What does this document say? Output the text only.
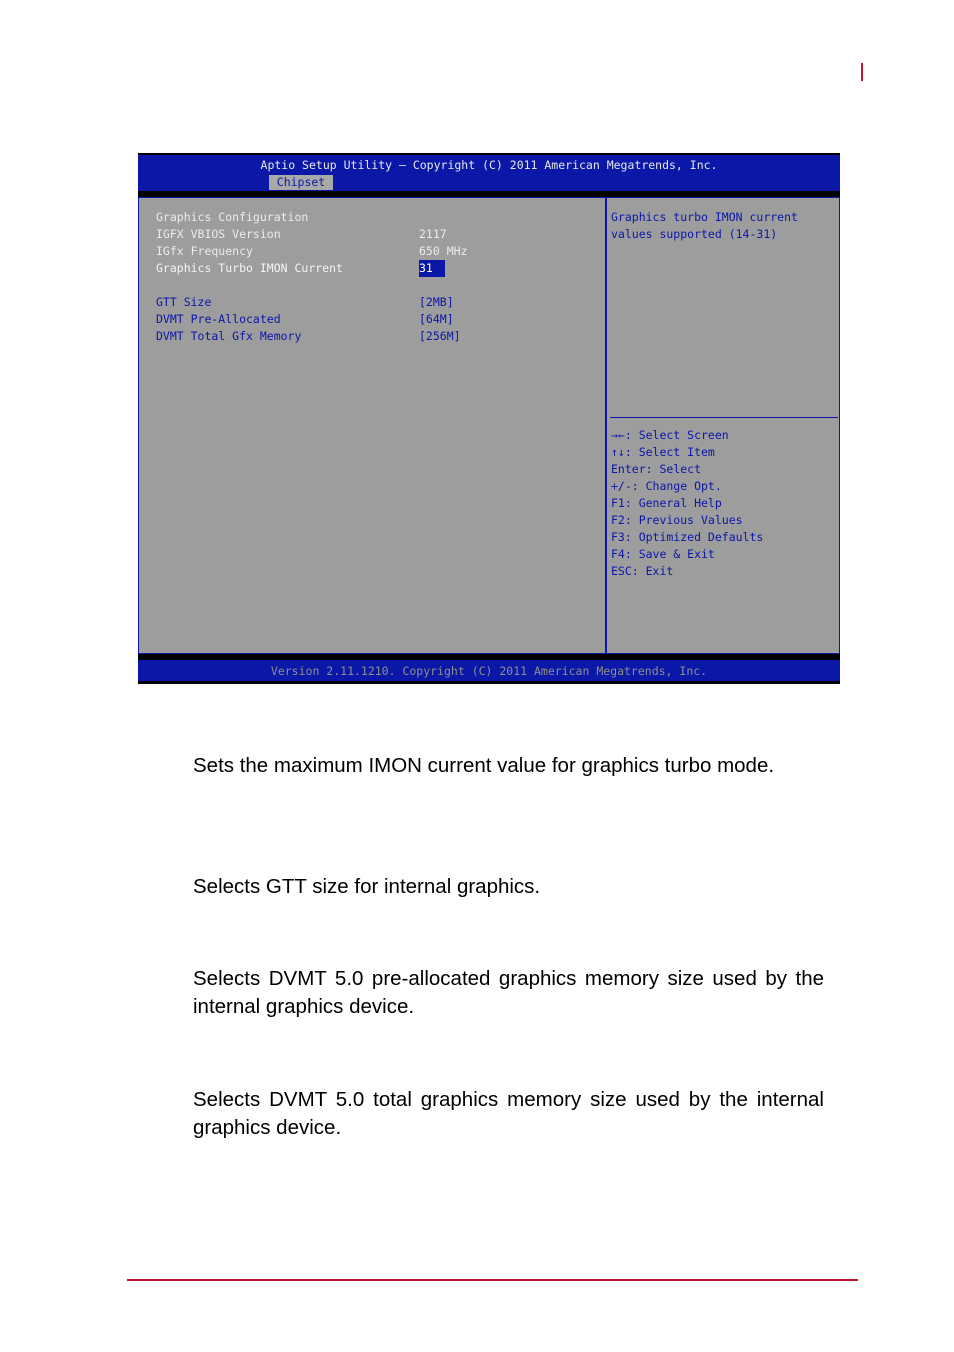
Aptio Setup Utility – Copyright (C) 2011 American Megatrends, Inc.
Chipset
Graphics Configuration
IGFX VBIOS Version	2117
IGfx Frequency	650 MHz
Graphics Turbo IMON Current	31
GTT Size	[2MB]
DVMT Pre-Allocated	[64M]
DVMT Total Gfx Memory	[256M]
Graphics turbo IMON current
values supported (14-31)
→←: Select Screen
↑↓: Select Item
Enter: Select
+/-: Change Opt.
F1: General Help
F2: Previous Values
F3: Optimized Defaults
F4: Save & Exit
ESC: Exit
Version 2.11.1210. Copyright (C) 2011 American Megatrends, Inc.

Sets the maximum IMON current value for graphics turbo mode.

Selects GTT size for internal graphics.

Selects DVMT 5.0 pre-allocated graphics memory size used by the internal graphics device.

Selects DVMT 5.0 total graphics memory size used by the internal graphics device.
